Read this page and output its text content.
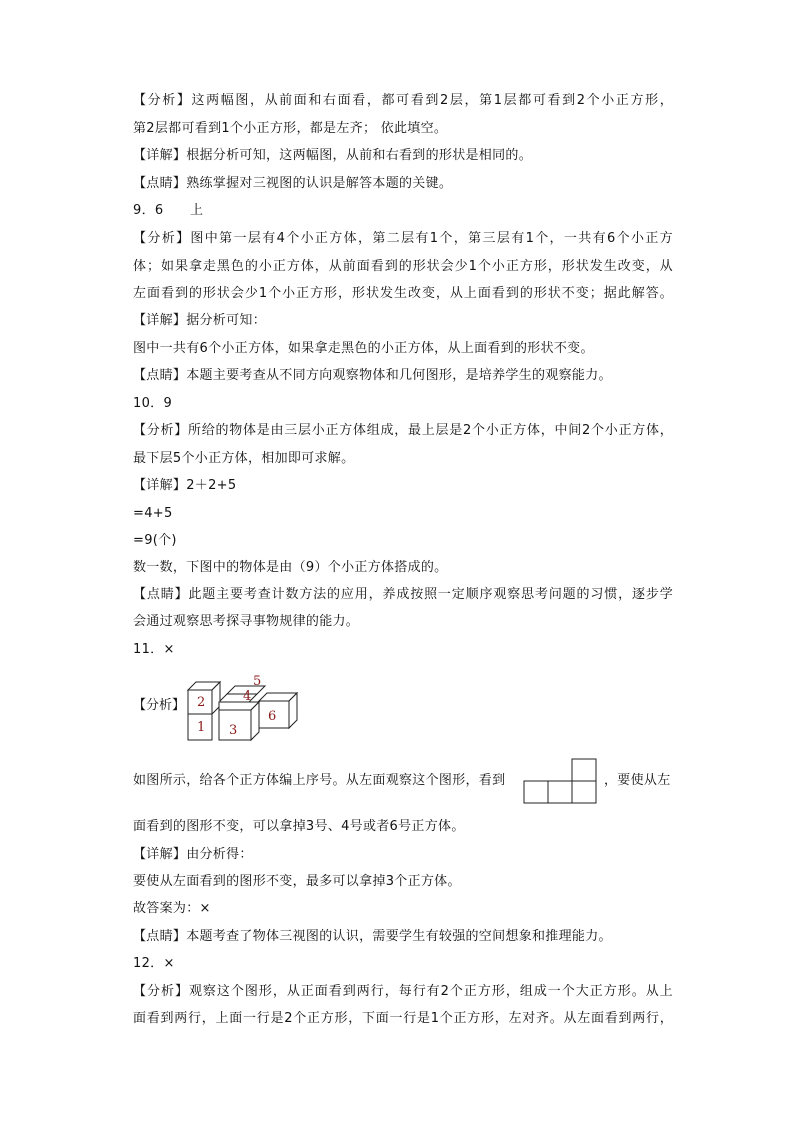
【分析】这两幅图，从前面和右面看，都可看到2层，第1层都可看到2个小正方形，
第2层都可看到1个小正方形，都是左齐； 依此填空。
【详解】根据分析可知，这两幅图，从前和右看到的形状是相同的。
【点睛】熟练掌握对三视图的认识是解答本题的关键。
9．6　　上
【分析】图中第一层有4个小正方体，第二层有1个，第三层有1个，一共有6个小正方
体；如果拿走黑色的小正方体，从前面看到的形状会少1个小正方形，形状发生改变，从
左面看到的形状会少1个小正方形，形状发生改变，从上面看到的形状不变；据此解答。
【详解】据分析可知：
图中一共有6个小正方体，如果拿走黑色的小正方体，从上面看到的形状不变。
【点睛】本题主要考查从不同方向观察物体和几何图形，是培养学生的观察能力。
10．9
【分析】所给的物体是由三层小正方体组成，最上层是2个小正方体，中间2个小正方体，
最下层5个小正方体，相加即可求解。
【详解】2＋2+5
=4+5
=9(个)
数一数，下图中的物体是由（9）个小正方体搭成的。
【点睛】此题主要考查计数方法的应用，养成按照一定顺序观察思考问题的习惯，逐步学
会通过观察思考探寻事物规律的能力。
11．×
【分析】 2
1 3
4
5
6
如图所示，给各个正方体编上序号。从左面观察这个图形，看到	，要使从左
面看到的图形不变，可以拿掉3号、4号或者6号正方体。
【详解】由分析得：
要使从左面看到的图形不变，最多可以拿掉3个正方体。
故答案为：×
【点睛】本题考查了物体三视图的认识，需要学生有较强的空间想象和推理能力。
12．×
【分析】观察这个图形，从正面看到两行，每行有2个正方形，组成一个大正方形。从上
面看到两行，上面一行是2个正方形，下面一行是1个正方形，左对齐。从左面看到两行，
